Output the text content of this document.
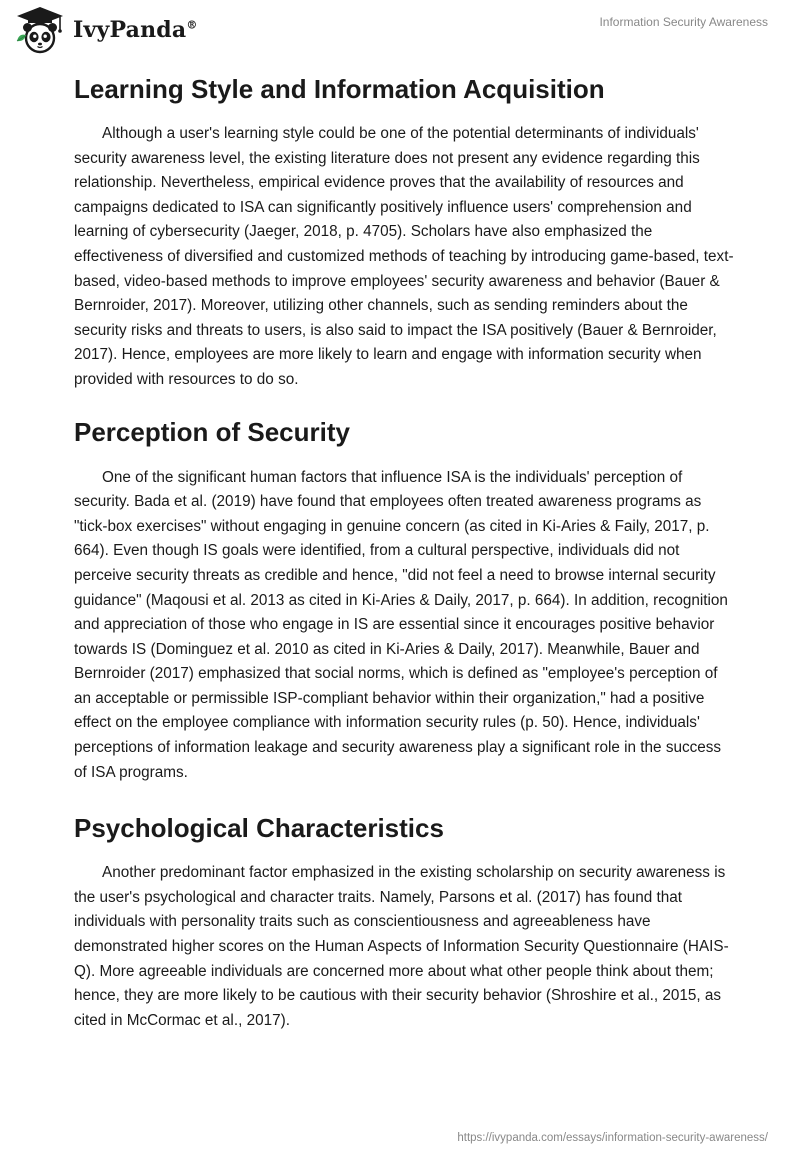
IvyPanda®	Information Security Awareness
Learning Style and Information Acquisition

Although a user's learning style could be one of the potential determinants of individuals' security awareness level, the existing literature does not present any evidence regarding this relationship. Nevertheless, empirical evidence proves that the availability of resources and campaigns dedicated to ISA can significantly positively influence users' comprehension and learning of cybersecurity (Jaeger, 2018, p. 4705). Scholars have also emphasized the effectiveness of diversified and customized methods of teaching by introducing game-based, text-based, video-based methods to improve employees' security awareness and behavior (Bauer & Bernroider, 2017). Moreover, utilizing other channels, such as sending reminders about the security risks and threats to users, is also said to impact the ISA positively (Bauer & Bernroider, 2017). Hence, employees are more likely to learn and engage with information security when provided with resources to do so.

Perception of Security

One of the significant human factors that influence ISA is the individuals' perception of security. Bada et al. (2019) have found that employees often treated awareness programs as "tick-box exercises" without engaging in genuine concern (as cited in Ki-Aries & Faily, 2017, p. 664). Even though IS goals were identified, from a cultural perspective, individuals did not perceive security threats as credible and hence, "did not feel a need to browse internal security guidance" (Maqousi et al. 2013 as cited in Ki-Aries & Daily, 2017, p. 664). In addition, recognition and appreciation of those who engage in IS are essential since it encourages positive behavior towards IS (Dominguez et al. 2010 as cited in Ki-Aries & Daily, 2017). Meanwhile, Bauer and Bernroider (2017) emphasized that social norms, which is defined as "employee's perception of an acceptable or permissible ISP-compliant behavior within their organization," had a positive effect on the employee compliance with information security rules (p. 50). Hence, individuals' perceptions of information leakage and security awareness play a significant role in the success of ISA programs.

Psychological Characteristics

Another predominant factor emphasized in the existing scholarship on security awareness is the user's psychological and character traits. Namely, Parsons et al. (2017) has found that individuals with personality traits such as conscientiousness and agreeableness have demonstrated higher scores on the Human Aspects of Information Security Questionnaire (HAIS-Q). More agreeable individuals are concerned more about what other people think about them; hence, they are more likely to be cautious with their security behavior (Shroshire et al., 2015, as cited in McCormac et al., 2017).

https://ivypanda.com/essays/information-security-awareness/
